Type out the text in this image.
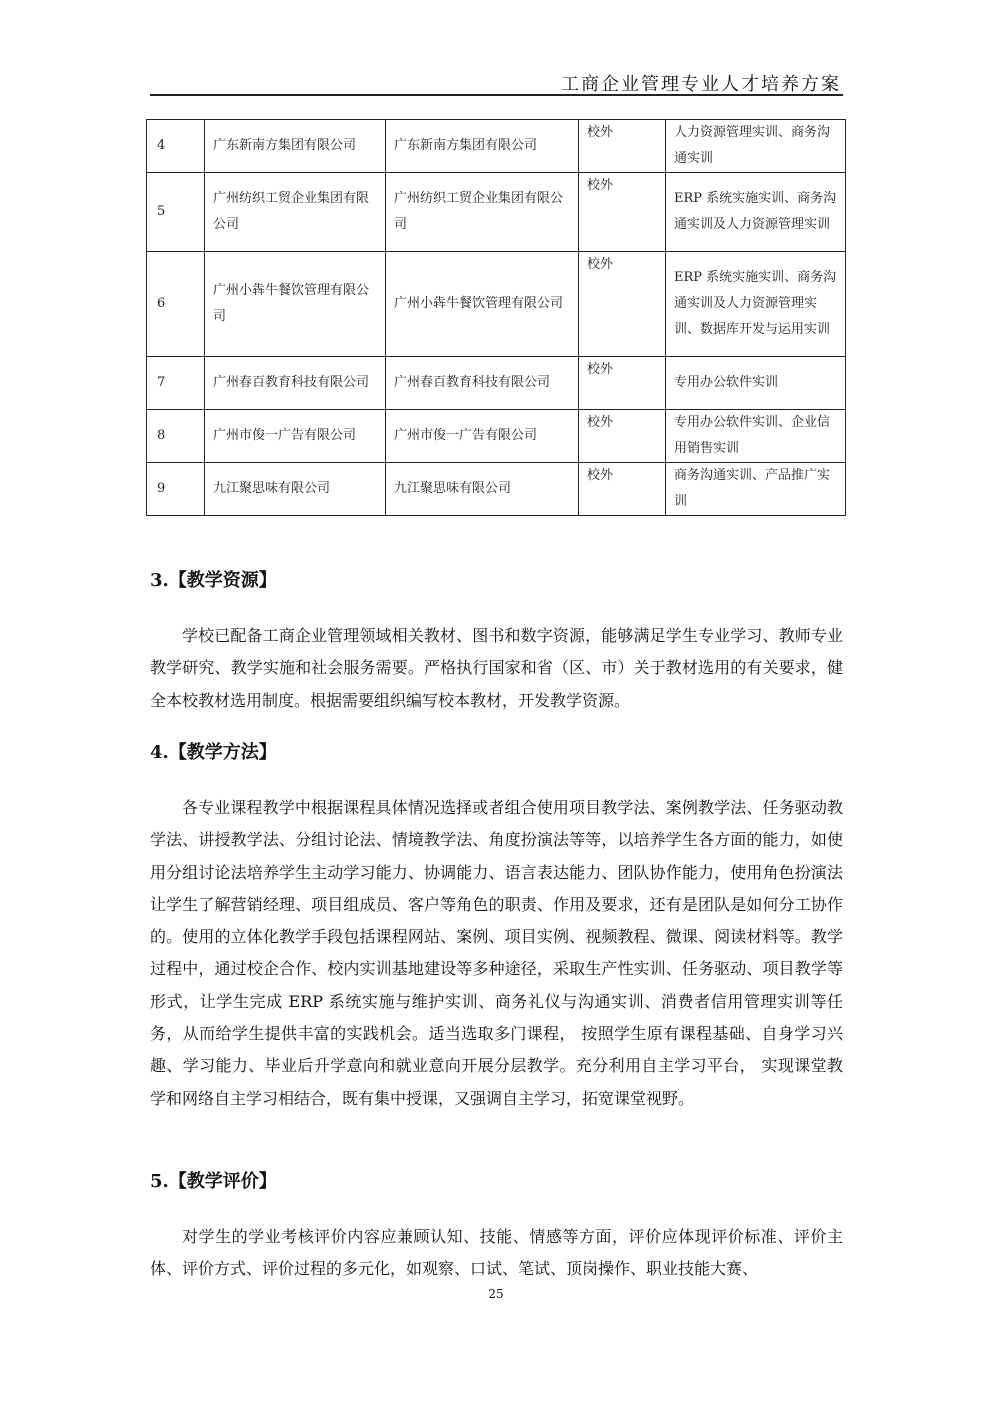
工商企业管理专业人才培养方案
4	广东新南方集团有限公司	广东新南方集团有限公司	校外	人力资源管理实训、商务沟通实训
5	广州纺织工贸企业集团有限公司	广州纺织工贸企业集团有限公司	校外	ERP 系统实施实训、商务沟通实训及人力资源管理实训
6	广州小犇牛餐饮管理有限公司	广州小犇牛餐饮管理有限公司	校外	ERP 系统实施实训、商务沟通实训及人力资源管理实训、数据库开发与运用实训
7	广州春百教育科技有限公司	广州春百教育科技有限公司	校外	专用办公软件实训
8	广州市俊一广告有限公司	广州市俊一广告有限公司	校外	专用办公软件实训、企业信用销售实训
9	九江聚思味有限公司	九江聚思味有限公司	校外	商务沟通实训、产品推广实训
3.【教学资源】

学校已配备工商企业管理领域相关教材、图书和数字资源，能够满足学生专业学习、教师专业教学研究、教学实施和社会服务需要。严格执行国家和省（区、市）关于教材选用的有关要求，健全本校教材选用制度。根据需要组织编写校本教材，开发教学资源。

4.【教学方法】

各专业课程教学中根据课程具体情况选择或者组合使用项目教学法、案例教学法、任务驱动教学法、讲授教学法、分组讨论法、情境教学法、角度扮演法等等，以培养学生各方面的能力，如使用分组讨论法培养学生主动学习能力、协调能力、语言表达能力、团队协作能力，使用角色扮演法让学生了解营销经理、项目组成员、客户等角色的职责、作用及要求，还有是团队是如何分工协作的。使用的立体化教学手段包括课程网站、案例、项目实例、视频教程、微课、阅读材料等。教学过程中，通过校企合作、校内实训基地建设等多种途径，采取生产性实训、任务驱动、项目教学等形式，让学生完成 ERP 系统实施与维护实训、商务礼仪与沟通实训、消费者信用管理实训等任务，从而给学生提供丰富的实践机会。适当选取多门课程， 按照学生原有课程基础、自身学习兴趣、学习能力、毕业后升学意向和就业意向开展分层教学。充分利用自主学习平台， 实现课堂教学和网络自主学习相结合，既有集中授课，又强调自主学习，拓宽课堂视野。

5.【教学评价】

对学生的学业考核评价内容应兼顾认知、技能、情感等方面，评价应体现评价标准、评价主体、评价方式、评价过程的多元化，如观察、口试、笔试、顶岗操作、职业技能大赛、

25
